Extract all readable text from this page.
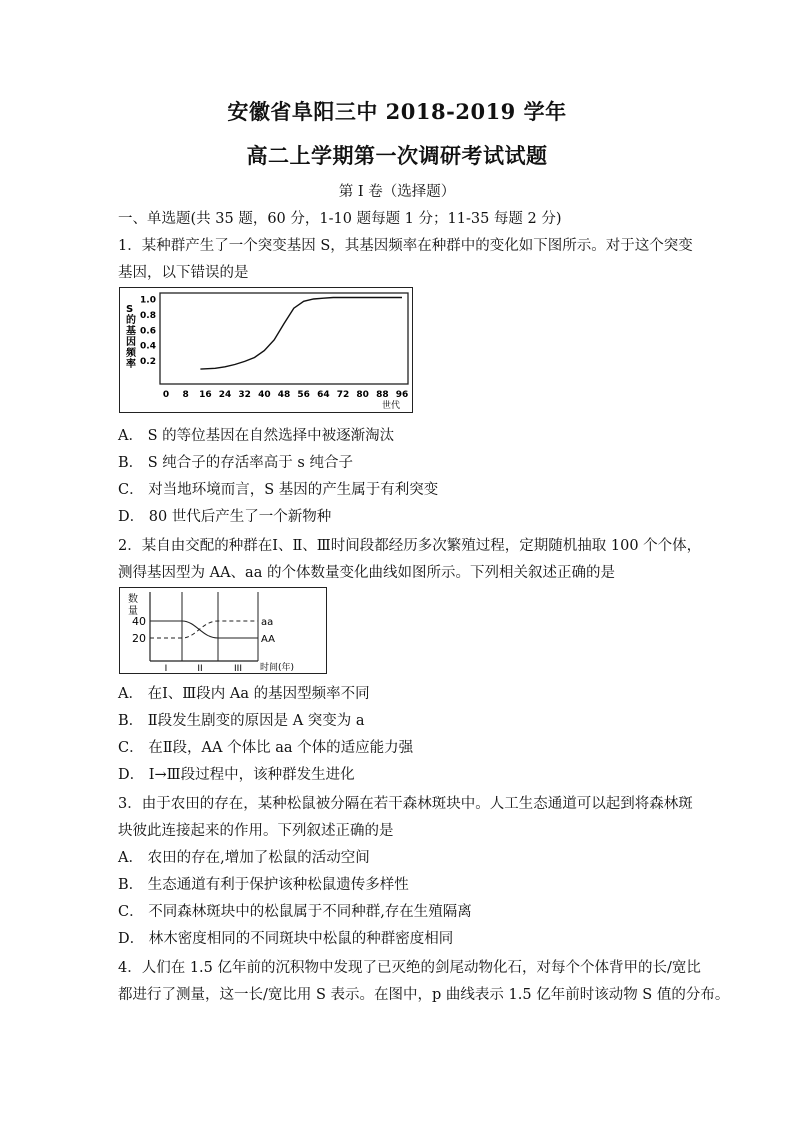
安徽省阜阳三中 2018-2019 学年
高二上学期第一次调研考试试题
第 I 卷（选择题）
一、单选题(共 35 题，60 分，1-10 题每题 1 分；11-35 每题 2 分)
1．某种群产生了一个突变基因 S，其基因频率在种群中的变化如下图所示。对于这个突变
基因，以下错误的是
S 的基因频率 0.2
0.4
0.6
0.8
1.0
0 8 16 24 32 40 48 56 64 72 80 88 96
世代
A． S 的等位基因在自然选择中被逐渐淘汰
B． S 纯合子的存活率高于 s 纯合子
C． 对当地环境而言，S 基因的产生属于有利突变
D． 80 世代后产生了一个新物种
2．某自由交配的种群在Ⅰ、Ⅱ、Ⅲ时间段都经历多次繁殖过程，定期随机抽取 100 个个体，
测得基因型为 AA、aa 的个体数量变化曲线如图所示。下列相关叙述正确的是
数
量
20
40	aa
AA
I	II	III 时间(年)
A． 在Ⅰ、Ⅲ段内 Aa 的基因型频率不同
B． Ⅱ段发生剧变的原因是 A 突变为 a
C． 在Ⅱ段，AA 个体比 aa 个体的适应能力强
D． Ⅰ→Ⅲ段过程中，该种群发生进化
3．由于农田的存在，某种松鼠被分隔在若干森林斑块中。人工生态通道可以起到将森林斑
块彼此连接起来的作用。下列叙述正确的是
A． 农田的存在,增加了松鼠的活动空间
B． 生态通道有利于保护该种松鼠遗传多样性
C． 不同森林斑块中的松鼠属于不同种群,存在生殖隔离
D． 林木密度相同的不同斑块中松鼠的种群密度相同
4．人们在 1.5 亿年前的沉积物中发现了已灭绝的剑尾动物化石，对每个个体背甲的长/宽比
都进行了测量，这一长/宽比用 S 表示。在图中，p 曲线表示 1.5 亿年前时该动物 S 值的分布。
